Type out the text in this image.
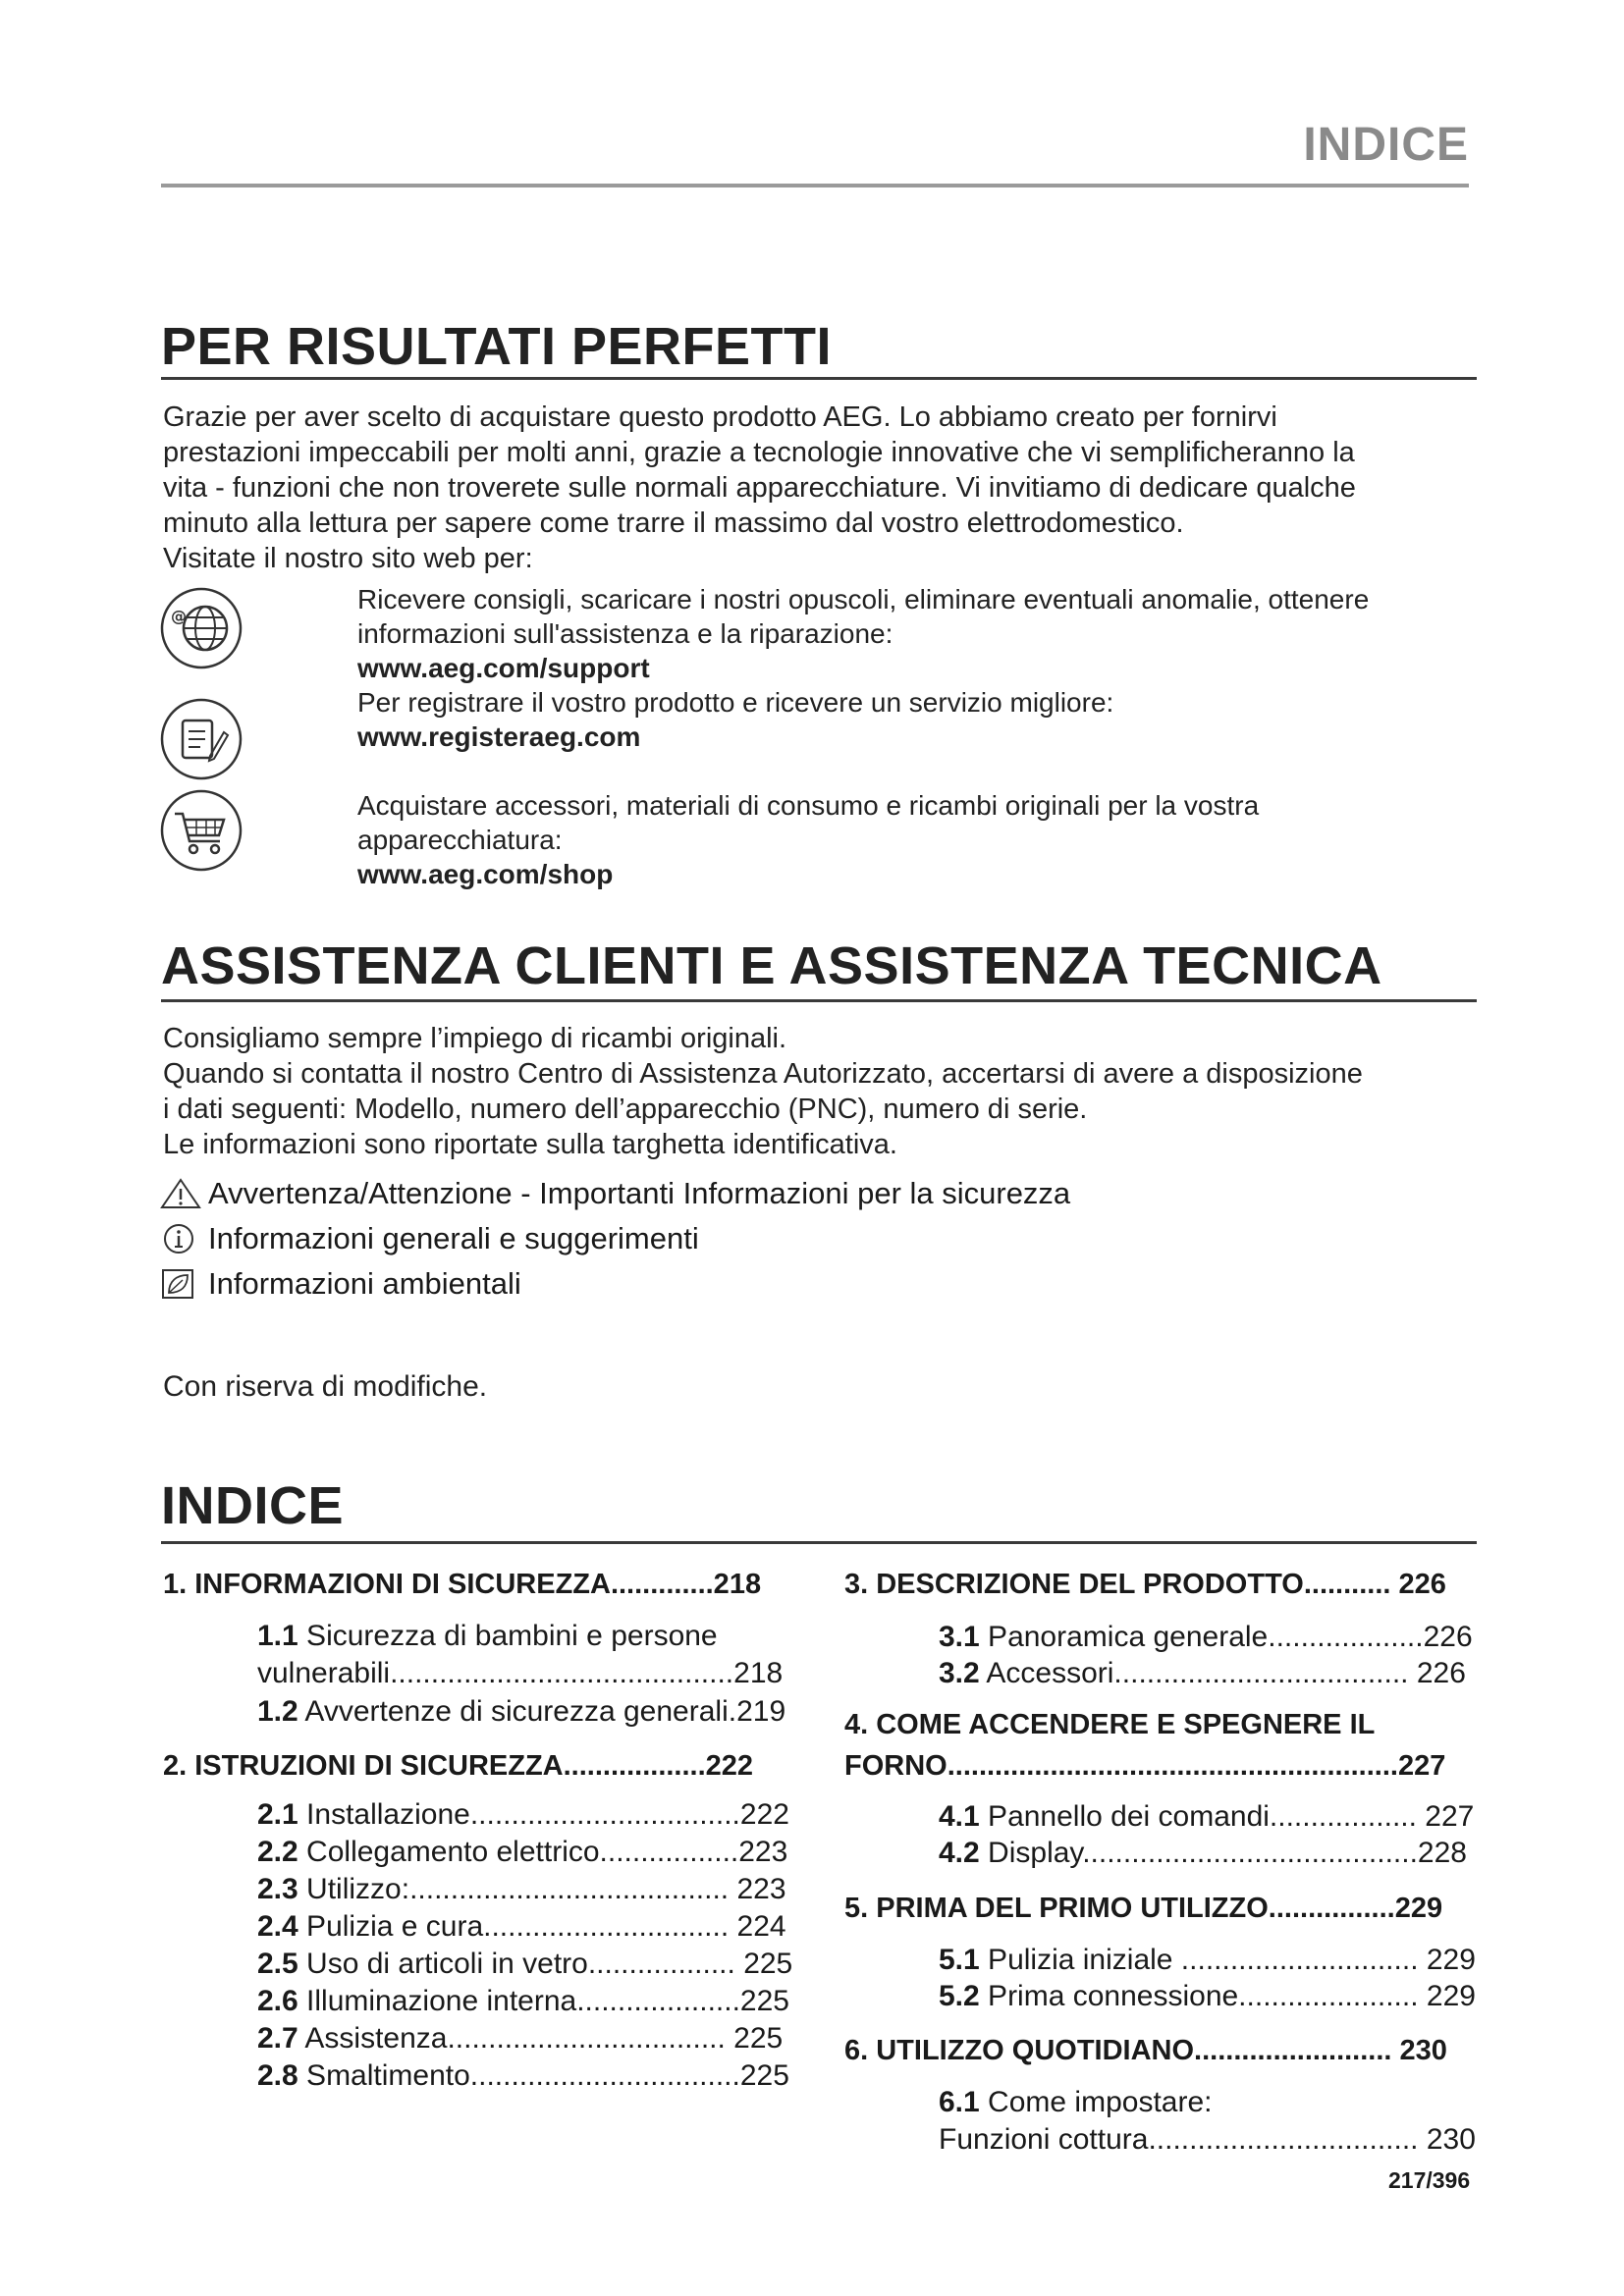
INDICE
PER RISULTATI PERFETTI
Grazie per aver scelto di acquistare questo prodotto AEG. Lo abbiamo creato per fornirvi
prestazioni impeccabili per molti anni, grazie a tecnologie innovative che vi semplificheranno la
vita - funzioni che non troverete sulle normali apparecchiature. Vi invitiamo di dedicare qualche
minuto alla lettura per sapere come trarre il massimo dal vostro elettrodomestico.
Visitate il nostro sito web per:
@
Ricevere consigli, scaricare i nostri opuscoli, eliminare eventuali anomalie, ottenere
informazioni sull'assistenza e la riparazione:
www.aeg.com/support
Per registrare il vostro prodotto e ricevere un servizio migliore:
www.registeraeg.com
Acquistare accessori, materiali di consumo e ricambi originali per la vostra
apparecchiatura:
www.aeg.com/shop
ASSISTENZA CLIENTI E ASSISTENZA TECNICA
Consigliamo sempre l’impiego di ricambi originali.
Quando si contatta il nostro Centro di Assistenza Autorizzato, accertarsi di avere a disposizione
i dati seguenti: Modello, numero dell’apparecchio (PNC), numero di serie.
Le informazioni sono riportate sulla targhetta identificativa.
Avvertenza/Attenzione - Importanti Informazioni per la sicurezza
Informazioni generali e suggerimenti
Informazioni ambientali
Con riserva di modifiche.
INDICE
1. INFORMAZIONI DI SICUREZZA.............218
1.1 Sicurezza di bambini e persone
vulnerabili..........................................218
1.2 Avvertenze di sicurezza generali.219
2. ISTRUZIONI DI SICUREZZA..................222
2.1 Installazione.................................222
2.2 Collegamento elettrico.................223
2.3 Utilizzo:....................................... 223
2.4 Pulizia e cura.............................. 224
2.5 Uso di articoli in vetro.................. 225
2.6 Illuminazione interna....................225
2.7 Assistenza.................................. 225
2.8 Smaltimento.................................225
3. DESCRIZIONE DEL PRODOTTO........... 226
3.1 Panoramica generale...................226
3.2 Accessori.................................... 226
4. COME ACCENDERE E SPEGNERE IL
FORNO.........................................................227
4.1 Pannello dei comandi.................. 227
4.2 Display.........................................228
5. PRIMA DEL PRIMO UTILIZZO................229
5.1 Pulizia iniziale ............................. 229
5.2 Prima connessione...................... 229
6. UTILIZZO QUOTIDIANO......................... 230
6.1 Come impostare:
Funzioni cottura................................. 230
217/396
